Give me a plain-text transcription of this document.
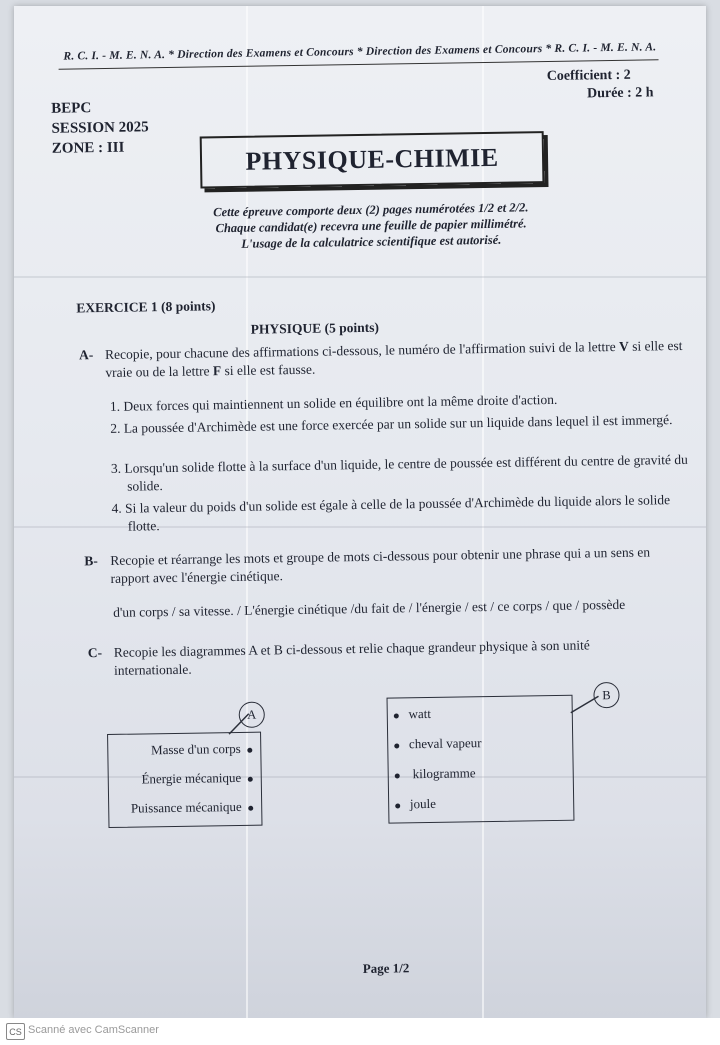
R. C. I. - M. E. N. A. * Direction des Examens et Concours * Direction des Examens et Concours * R. C. I. - M. E. N. A.
Coefficient : 2
Durée : 2 h
BEPC
SESSION 2025
ZONE : III	PHYSIQUE-CHIMIE
Cette épreuve comporte deux (2) pages numérotées 1/2 et 2/2.
Chaque candidat(e) recevra une feuille de papier millimétré.
L'usage de la calculatrice scientifique est autorisé.
EXERCICE 1 (8 points)
PHYSIQUE (5 points)
A- Recopie, pour chacune des affirmations ci-dessous, le numéro de l'affirmation suivi de la lettre V si elle est vraie ou de la lettre F si elle est fausse.
1. Deux forces qui maintiennent un solide en équilibre ont la même droite d'action.
2. La poussée d'Archimède est une force exercée par un solide sur un liquide dans lequel il est immergé.
3. Lorsqu'un solide flotte à la surface d'un liquide, le centre de poussée est différent du centre de gravité du solide.
4. Si la valeur du poids d'un solide est égale à celle de la poussée d'Archimède du liquide alors le solide flotte.
B- Recopie et réarrange les mots et groupe de mots ci-dessous pour obtenir une phrase qui a un sens en rapport avec l'énergie cinétique.
d'un corps / sa vitesse. / L'énergie cinétique /du fait de / l'énergie / est / ce corps / que / possède
C- Recopie les diagrammes A et B ci-dessous et relie chaque grandeur physique à son unité internationale.
A
Masse d'un corps
Énergie mécanique
Puissance mécanique
watt
cheval vapeur
kilogramme
joule
B
Page 1/2
CS Scanné avec CamScanner
